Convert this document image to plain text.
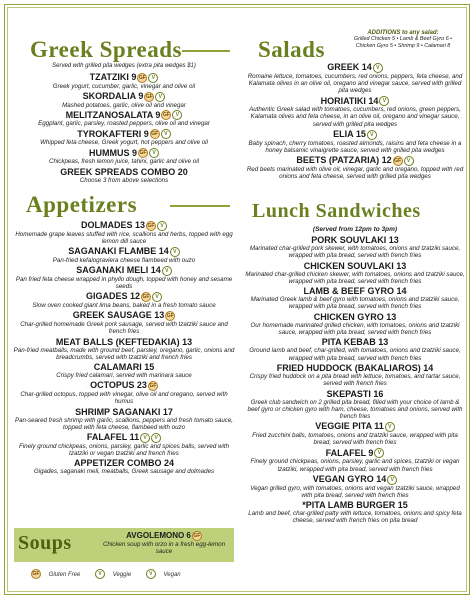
Greek Spreads
Served with grilled pita wedges (extra pita wedges $1)
TZATZIKI 9 GF V
Greek yogurt, cucumber, garlic, vinegar and olive oil
SKORDALIA 9 GF V
Mashed potatoes, garlic, olive oil and vinegar
MELITZANOSALATA 9 GF V
Eggplant, garlic, parsley, roasted peppers, olive oil and vinegar
TYROKAFTERI 9 GF V
Whipped feta cheese, Greek yogurt, hot peppers and olive oil
HUMMUS 9 GF V
Chickpeas, fresh lemon juice, tahini, garlic and olive oil
GREEK SPREADS COMBO 20
Choose 3 from above selections
Appetizers
DOLMADES 13 GF V
Homemade grape leaves stuffed with rice, scallions and herbs, topped with egg lemon dill sauce
SAGANAKI FLAMBE 14 V
Pan-fried kefalograviera cheese flambeed with ouzo
SAGANAKI MELI 14 V
Pan fried feta cheese wrapped in phyllo dough, topped with honey and sesame seeds
GIGADES 12 GF V
Slow oven cooked giant lima beans, baked in a fresh tomato sauce
GREEK SAUSAGE 13 GF
Char-grilled homemade Greek pork sausage, served with tzatziki sauce and french fries
MEAT BALLS (KEFTEDAKIA) 13
Pan-fried meatballs, made with ground beef, parsley, oregano, garlic, onions and breadcrumbs, served with tzatziki and french fries
CALAMARI 15
Crispy fried calamari, served with marinara sauce
OCTOPUS 23 GF
Char-grilled octopus, topped with vinegar, olive oil and oregano, served with humus
SHRIMP SAGANAKI 17
Pan-seared fresh shrimp with garlic, scallions, peppers and fresh tomato sauce, topped with feta cheese, flambeed with ouzo
FALAFEL 11 V V
Finely ground chickpeas, onions, parsley, garlic and spices balls, served with tzatziki or vegan tzatziki and french fries
APPETIZER COMBO 24
Gigades, saganaki meli, meatballs, Greek sausage and dolmades
Soups	AVGOLEMONO 6 GF
Chicken soup with orzo in a fresh egg-lemon sauce
GF Gluten Free	V Veggie	V Vegan
Salads
ADDITIONS to any salad:
Grilled Chicken 5 • Lamb & Beef Gyro 6 •
Chicken Gyro 5 • Shrimp 9 • Calamari 8
GREEK 14 V
Romaine lettuce, tomatoes, cucumbers, red onions, peppers, feta cheese, and Kalamata olives in an olive oil, oregano and vinegar sauce, served with grilled pita wedges
HORIATIKI 14 V
Authentic Greek salad with tomatoes, cucumbers, red onions, green peppers, Kalamata olives and feta cheese, in an olive oil, oregano and vinegar sauce, served with grilled pita wedges
ELIA 15 V
Baby spinach, cherry tomatoes, roasted almonds, raisins and feta cheese in a honey balsamic vinaigrette sauce, served with grilled pita wedges
BEETS (PATZARIA) 12 GF V
Red beets marinated with olive oil, vinegar, garlic and oregano, topped with red onions and feta cheese, served with grilled pita wedges
Lunch Sandwiches
(Served from 12pm to 3pm)
PORK SOUVLAKI 13
Marinated char-grilled pork skewer, with tomatoes, onions and tzatziki sauce, wrapped with pita bread, served with french fries
CHICKEN SOUVLAKI 13
Marinated char-grilled chicken skewer, with tomatoes, onions and tzatziki sauce, wrapped with pita bread, served with french fries
LAMB & BEEF GYRO 14
Marinated Greek lamb & beef gyro with tomatoes, onions and tzatziki sauce, wrapped with pita bread, served with french fries
CHICKEN GYRO 13
Our homemade marinated grilled chicken, with tomatoes, onions and tzatziki sauce, wrapped with pita bread, served with french fries
PITA KEBAB 13
Ground lamb and beef, char-grilled, with tomatoes, onions and tzatziki sauce, wrapped with pita bread, served with french fries
FRIED HUDDOCK (BAKALIAROS) 14
Crispy fried huddock on a pita bread with lettuce, tomatoes, and tartar sauce, served with french fries
SKEPASTI 16
Greek club sandwich on 2 grilled pita bread, filled with your choice of lamb & beef gyro or chicken gyro with ham, cheese, tomatoes and onions, served with french fries
VEGGIE PITA 11 V
Fried zucchini balls, tomatoes, onions and tzatziki sauce, wrapped with pita bread, served with french fries
FALAFEL 9 V
Finely ground chickpeas, onions, parsley, garlic and spices, tzatziki or vegan tzatziki, wrapped with pita bread, served with french fries
VEGAN GYRO 14 V
Vegan grilled gyro, with tomatoes, onions and vegan tzatziki sauce, wrapped with pita bread, served with french fries
*PITA LAMB BURGER 15
Lamb and beef, char-grilled patty with lettuce, tomatoes, onions and spicy feta cheese, served with french fries on pita bread
